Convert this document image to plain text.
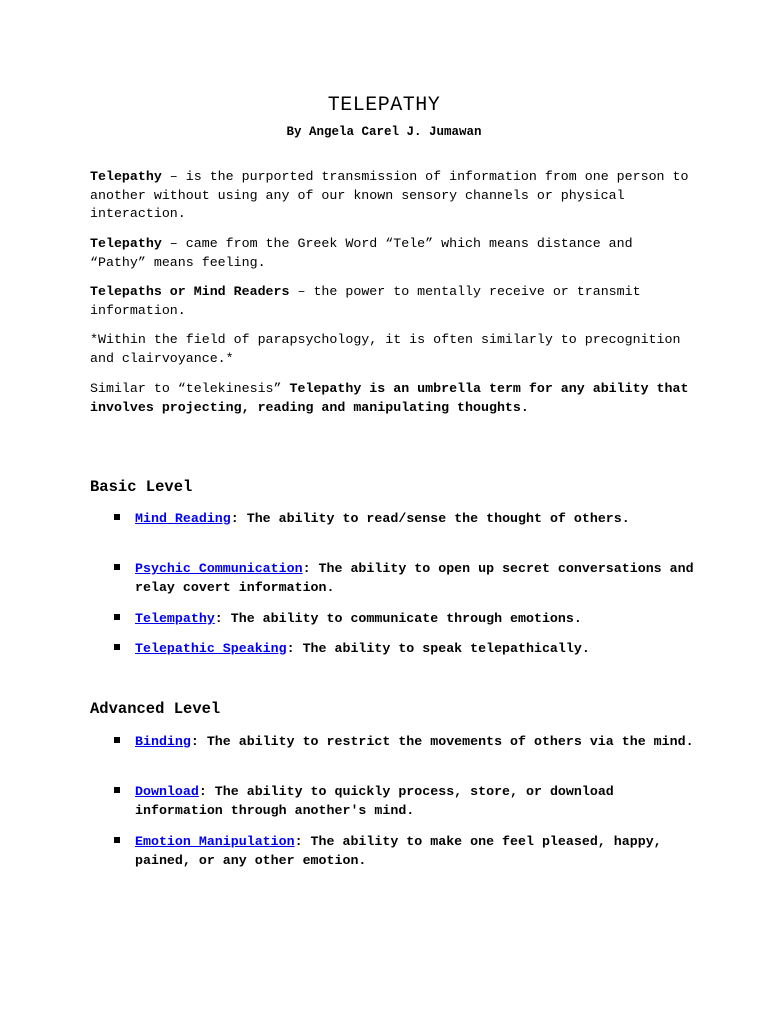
TELEPATHY
By Angela Carel J. Jumawan

Telepathy – is the purported transmission of information from one person to another without using any of our known sensory channels or physical interaction.

Telepathy – came from the Greek Word “Tele” which means distance and “Pathy” means feeling.

Telepaths or Mind Readers – the power to mentally receive or transmit information.

*Within the field of parapsychology, it is often similarly to precognition and clairvoyance.*

Similar to “telekinesis” Telepathy is an umbrella term for any ability that involves projecting, reading and manipulating thoughts.

Basic Level
Mind Reading: The ability to read/sense the thought of others.
Psychic Communication: The ability to open up secret conversations and relay covert information.
Telempathy: The ability to communicate through emotions.
Telepathic Speaking: The ability to speak telepathically.
Advanced Level
Binding: The ability to restrict the movements of others via the mind.
Download: The ability to quickly process, store, or download information through another's mind.
Emotion Manipulation: The ability to make one feel pleased, happy, pained, or any other emotion.
